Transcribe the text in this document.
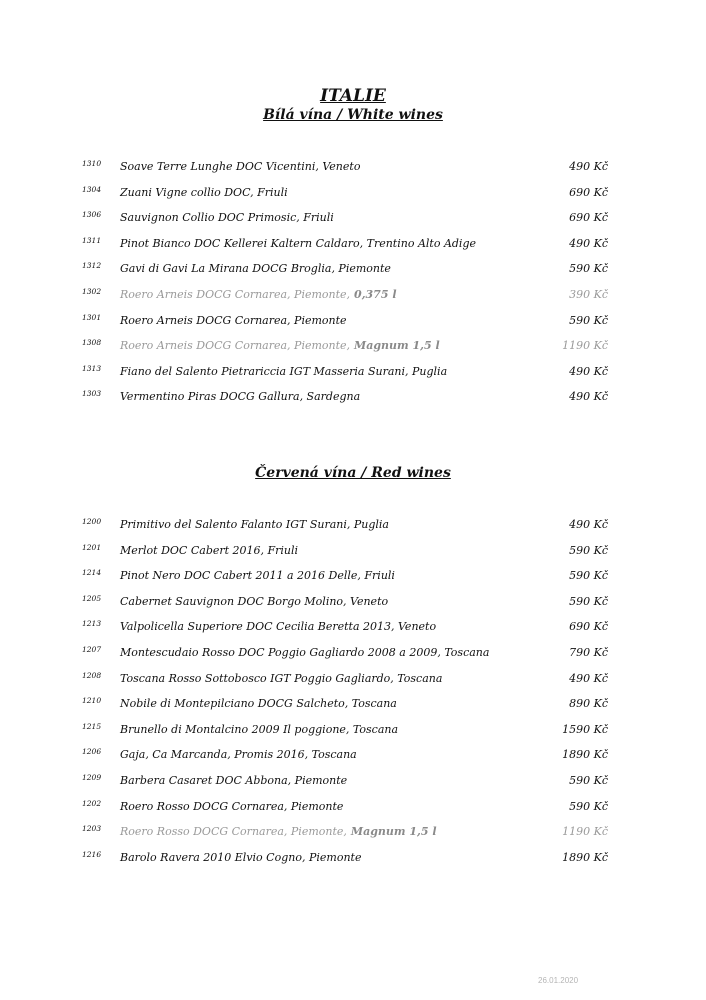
ITALIE
Bílá vína / White wines
Červená vína / Red wines
1310 Soave Terre Lunghe DOC Vicentini, Veneto	490 Kč
1304 Zuani Vigne collio DOC, Friuli	690 Kč
1306 Sauvignon Collio DOC Primosic, Friuli	690 Kč
1311 Pinot Bianco DOC Kellerei Kaltern Caldaro, Trentino Alto Adige	490 Kč
1312 Gavi di Gavi La Mirana DOCG Broglia, Piemonte	590 Kč
1302 Roero Arneis DOCG Cornarea, Piemonte, 0,375 l	390 Kč
1301 Roero Arneis DOCG Cornarea, Piemonte	590 Kč
1308 Roero Arneis DOCG Cornarea, Piemonte, Magnum 1,5 l	1190 Kč
1313 Fiano del Salento Pietrariccia IGT Masseria Surani, Puglia	490 Kč
1303 Vermentino Piras DOCG Gallura, Sardegna	490 Kč
1200 Primitivo del Salento Falanto IGT Surani, Puglia	490 Kč
1201 Merlot DOC Cabert 2016, Friuli	590 Kč
1214 Pinot Nero DOC Cabert 2011 a 2016 Delle, Friuli	590 Kč
1205 Cabernet Sauvignon DOC Borgo Molino, Veneto	590 Kč
1213 Valpolicella Superiore DOC Cecilia Beretta 2013, Veneto	690 Kč
1207 Montescudaio Rosso DOC Poggio Gagliardo 2008 a 2009, Toscana	790 Kč
1208 Toscana Rosso Sottobosco IGT Poggio Gagliardo, Toscana	490 Kč
1210 Nobile di Montepilciano DOCG Salcheto, Toscana	890 Kč
1215 Brunello di Montalcino 2009 Il poggione, Toscana	1590 Kč
1206 Gaja, Ca Marcanda, Promis 2016, Toscana	1890 Kč
1209 Barbera Casaret DOC Abbona, Piemonte	590 Kč
1202 Roero Rosso DOCG Cornarea, Piemonte	590 Kč
1203 Roero Rosso DOCG Cornarea, Piemonte, Magnum 1,5 l	1190 Kč
1216 Barolo Ravera 2010 Elvio Cogno, Piemonte	1890 Kč
26.01.2020
